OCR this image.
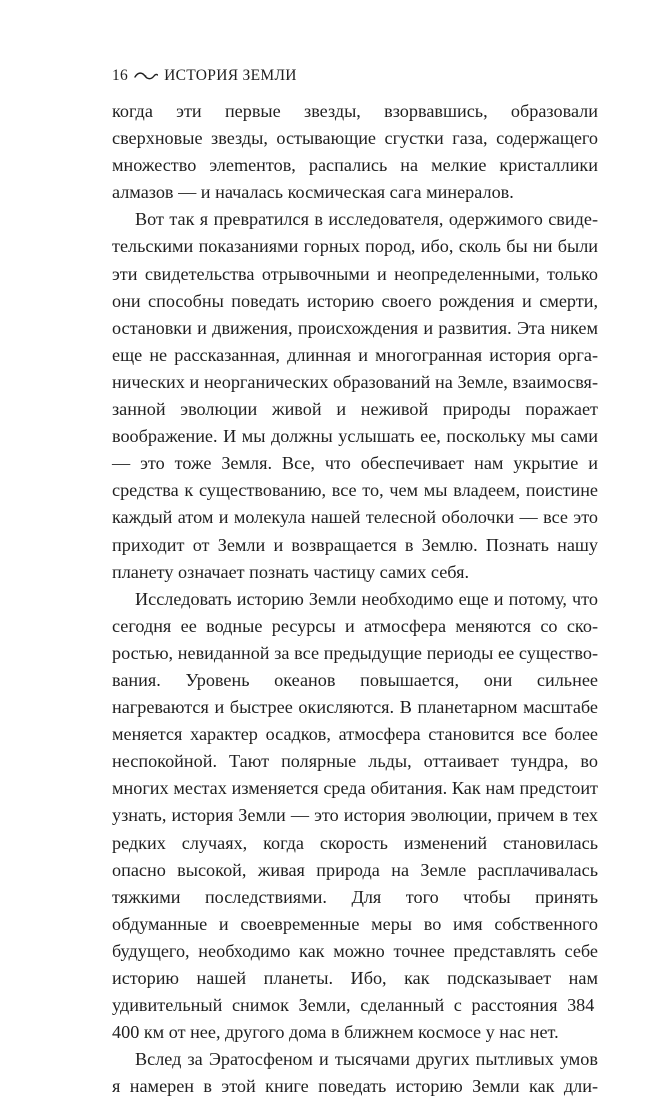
16 ИСТОРИЯ ЗЕМЛИ

когда эти первые звезды, взорвавшись, образовали сверхновые звезды, остывающие сгустки газа, содержащего множество элеmентов, распались на мелкие кристаллики алмазов — и началась космическая сага минералов.

Вот так я превратился в исследователя, одержимого свидетельскими показаниями горных пород, ибо, сколь бы ни были эти свидетельства отрывочными и неопределенными, только они способны поведать историю своего рождения и смерти, остановки и движения, происхождения и развития. Эта никем еще не рассказанная, длинная и многогранная история органических и неорганических образований на Земле, взаимосвязанной эволюции живой и неживой природы поражает воображение. И мы должны услышать ее, поскольку мы сами — это тоже Земля. Все, что обеспечивает нам укрытие и средства к существованию, все то, чем мы владеем, поистине каждый атом и молекула нашей телесной оболочки — все это приходит от Земли и возвращается в Землю. Познать нашу планету означает познать частицу самих себя.

Исследовать историю Земли необходимо еще и потому, что сегодня ее водные ресурсы и атмосфера меняются со скоростью, невиданной за все предыдущие периоды ее существования. Уровень океанов повышается, они сильнее нагреваются и быстрее окисляются. В планетарном масштабе меняется характер осадков, атмосфера становится все более неспокойной. Тают полярные льды, оттаивает тундра, во многих местах изменяется среда обитания. Как нам предстоит узнать, история Земли — это история эволюции, причем в тех редких случаях, когда скорость изменений становилась опасно высокой, живая природа на Земле расплачивалась тяжкими последствиями. Для того чтобы принять обдуманные и своевременные меры во имя собственного будущего, необходимо как можно точнее представлять себе историю нашей планеты. Ибо, как подсказывает нам удивительный снимок Земли, сделанный с расстояния 384 400 км от нее, другого дома в ближнем космосе у нас нет.

Вслед за Эратосфеном и тысячами других пытливых умов я намерен в этой книге поведать историю Земли как дли-
